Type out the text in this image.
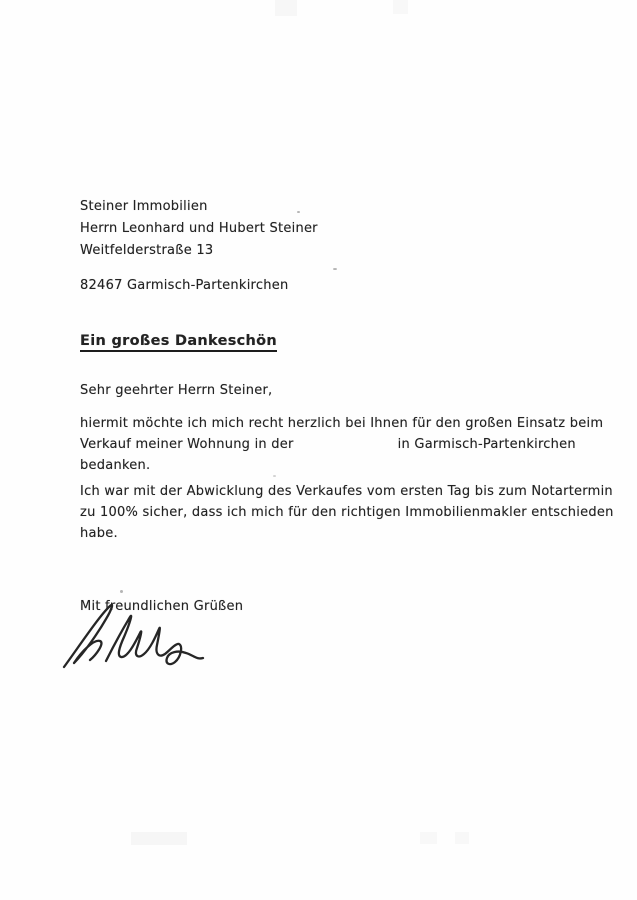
Steiner Immobilien
Herrn Leonhard und Hubert Steiner
Weitfelderstraße 13
82467 Garmisch-Partenkirchen
Ein großes Dankeschön
Sehr geehrter Herrn Steiner,
hiermit möchte ich mich recht herzlich bei Ihnen für den großen Einsatz beim
Verkauf meiner Wohnung in der	in Garmisch-Partenkirchen
bedanken.
Ich war mit der Abwicklung des Verkaufes vom ersten Tag bis zum Notartermin
zu 100% sicher, dass ich mich für den richtigen Immobilienmakler entschieden
habe.
Mit freundlichen Grüßen
